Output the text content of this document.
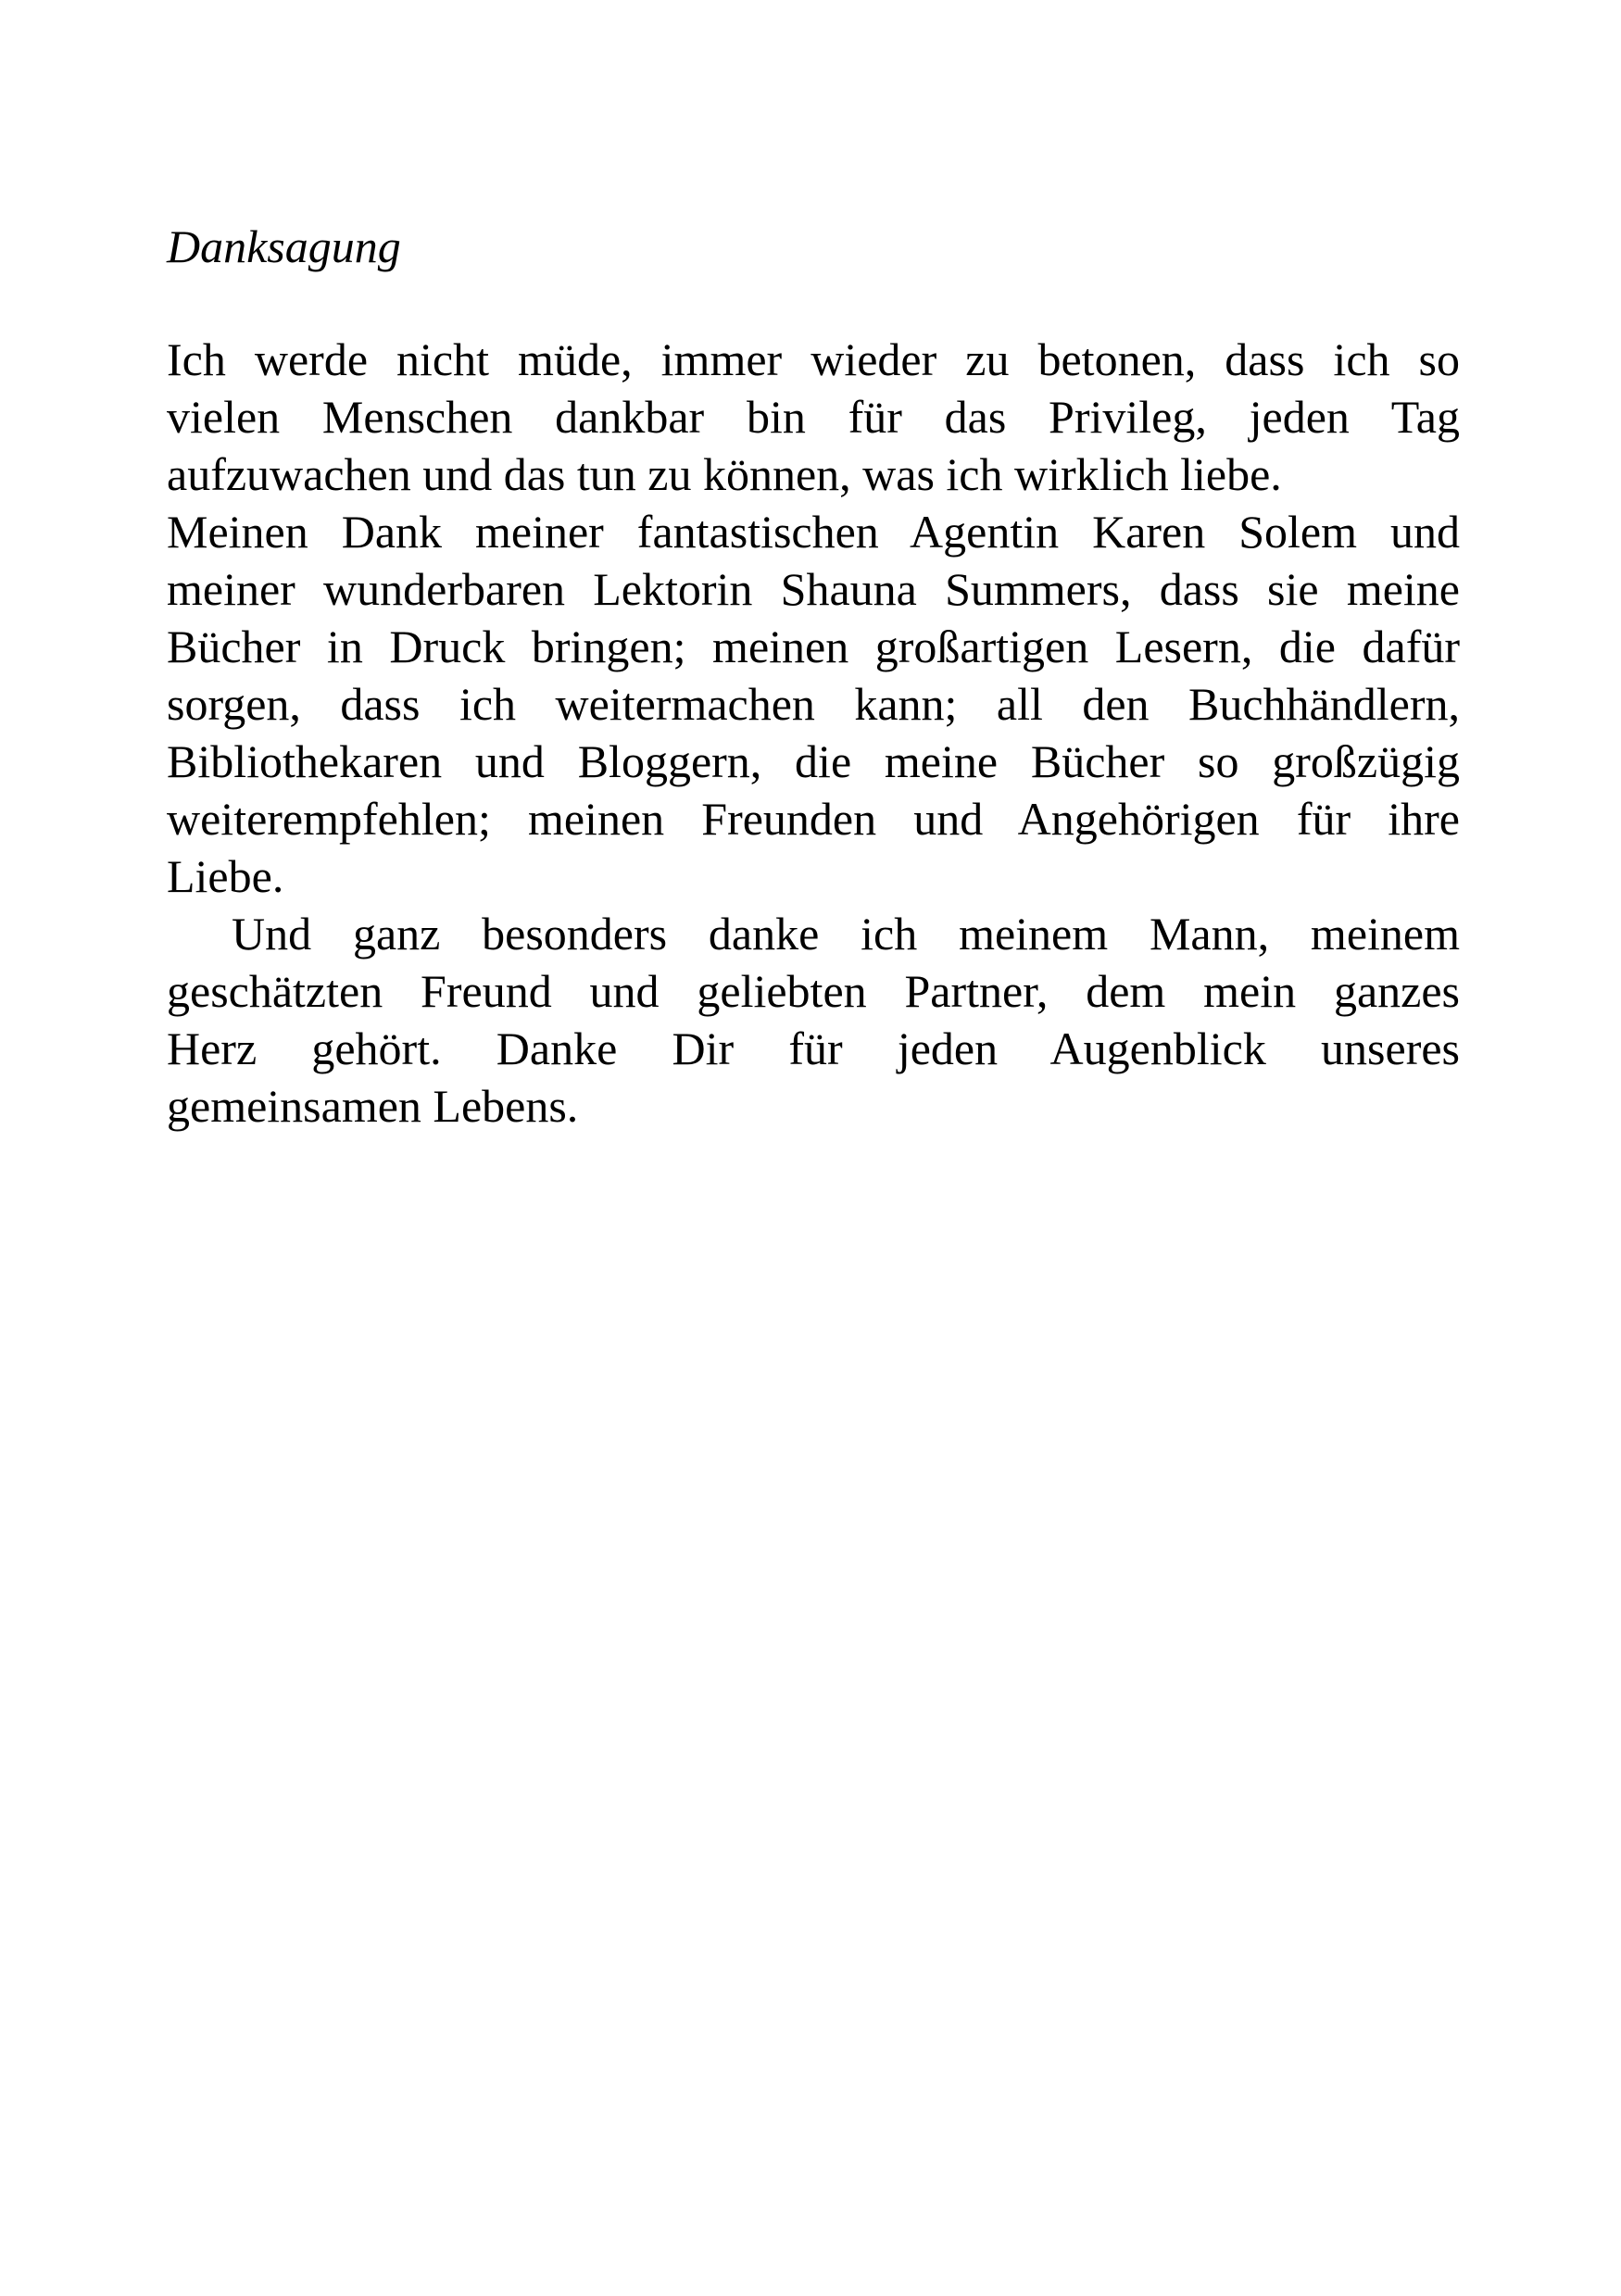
Danksagung

Ich werde nicht müde, immer wieder zu betonen, dass ich so
vielen Menschen dankbar bin für das Privileg, jeden Tag
aufzuwachen und das tun zu können, was ich wirklich liebe.

Meinen Dank meiner fantastischen Agentin Karen Solem und
meiner wunderbaren Lektorin Shauna Summers, dass sie meine
Bücher in Druck bringen; meinen großartigen Lesern, die dafür
sorgen, dass ich weitermachen kann; all den Buchhändlern,
Bibliothekaren und Bloggern, die meine Bücher so großzügig
weiterempfehlen; meinen Freunden und Angehörigen für ihre
Liebe.

Und ganz besonders danke ich meinem Mann, meinem
geschätzten Freund und geliebten Partner, dem mein ganzes
Herz gehört. Danke Dir für jeden Augenblick unseres
gemeinsamen Lebens.
